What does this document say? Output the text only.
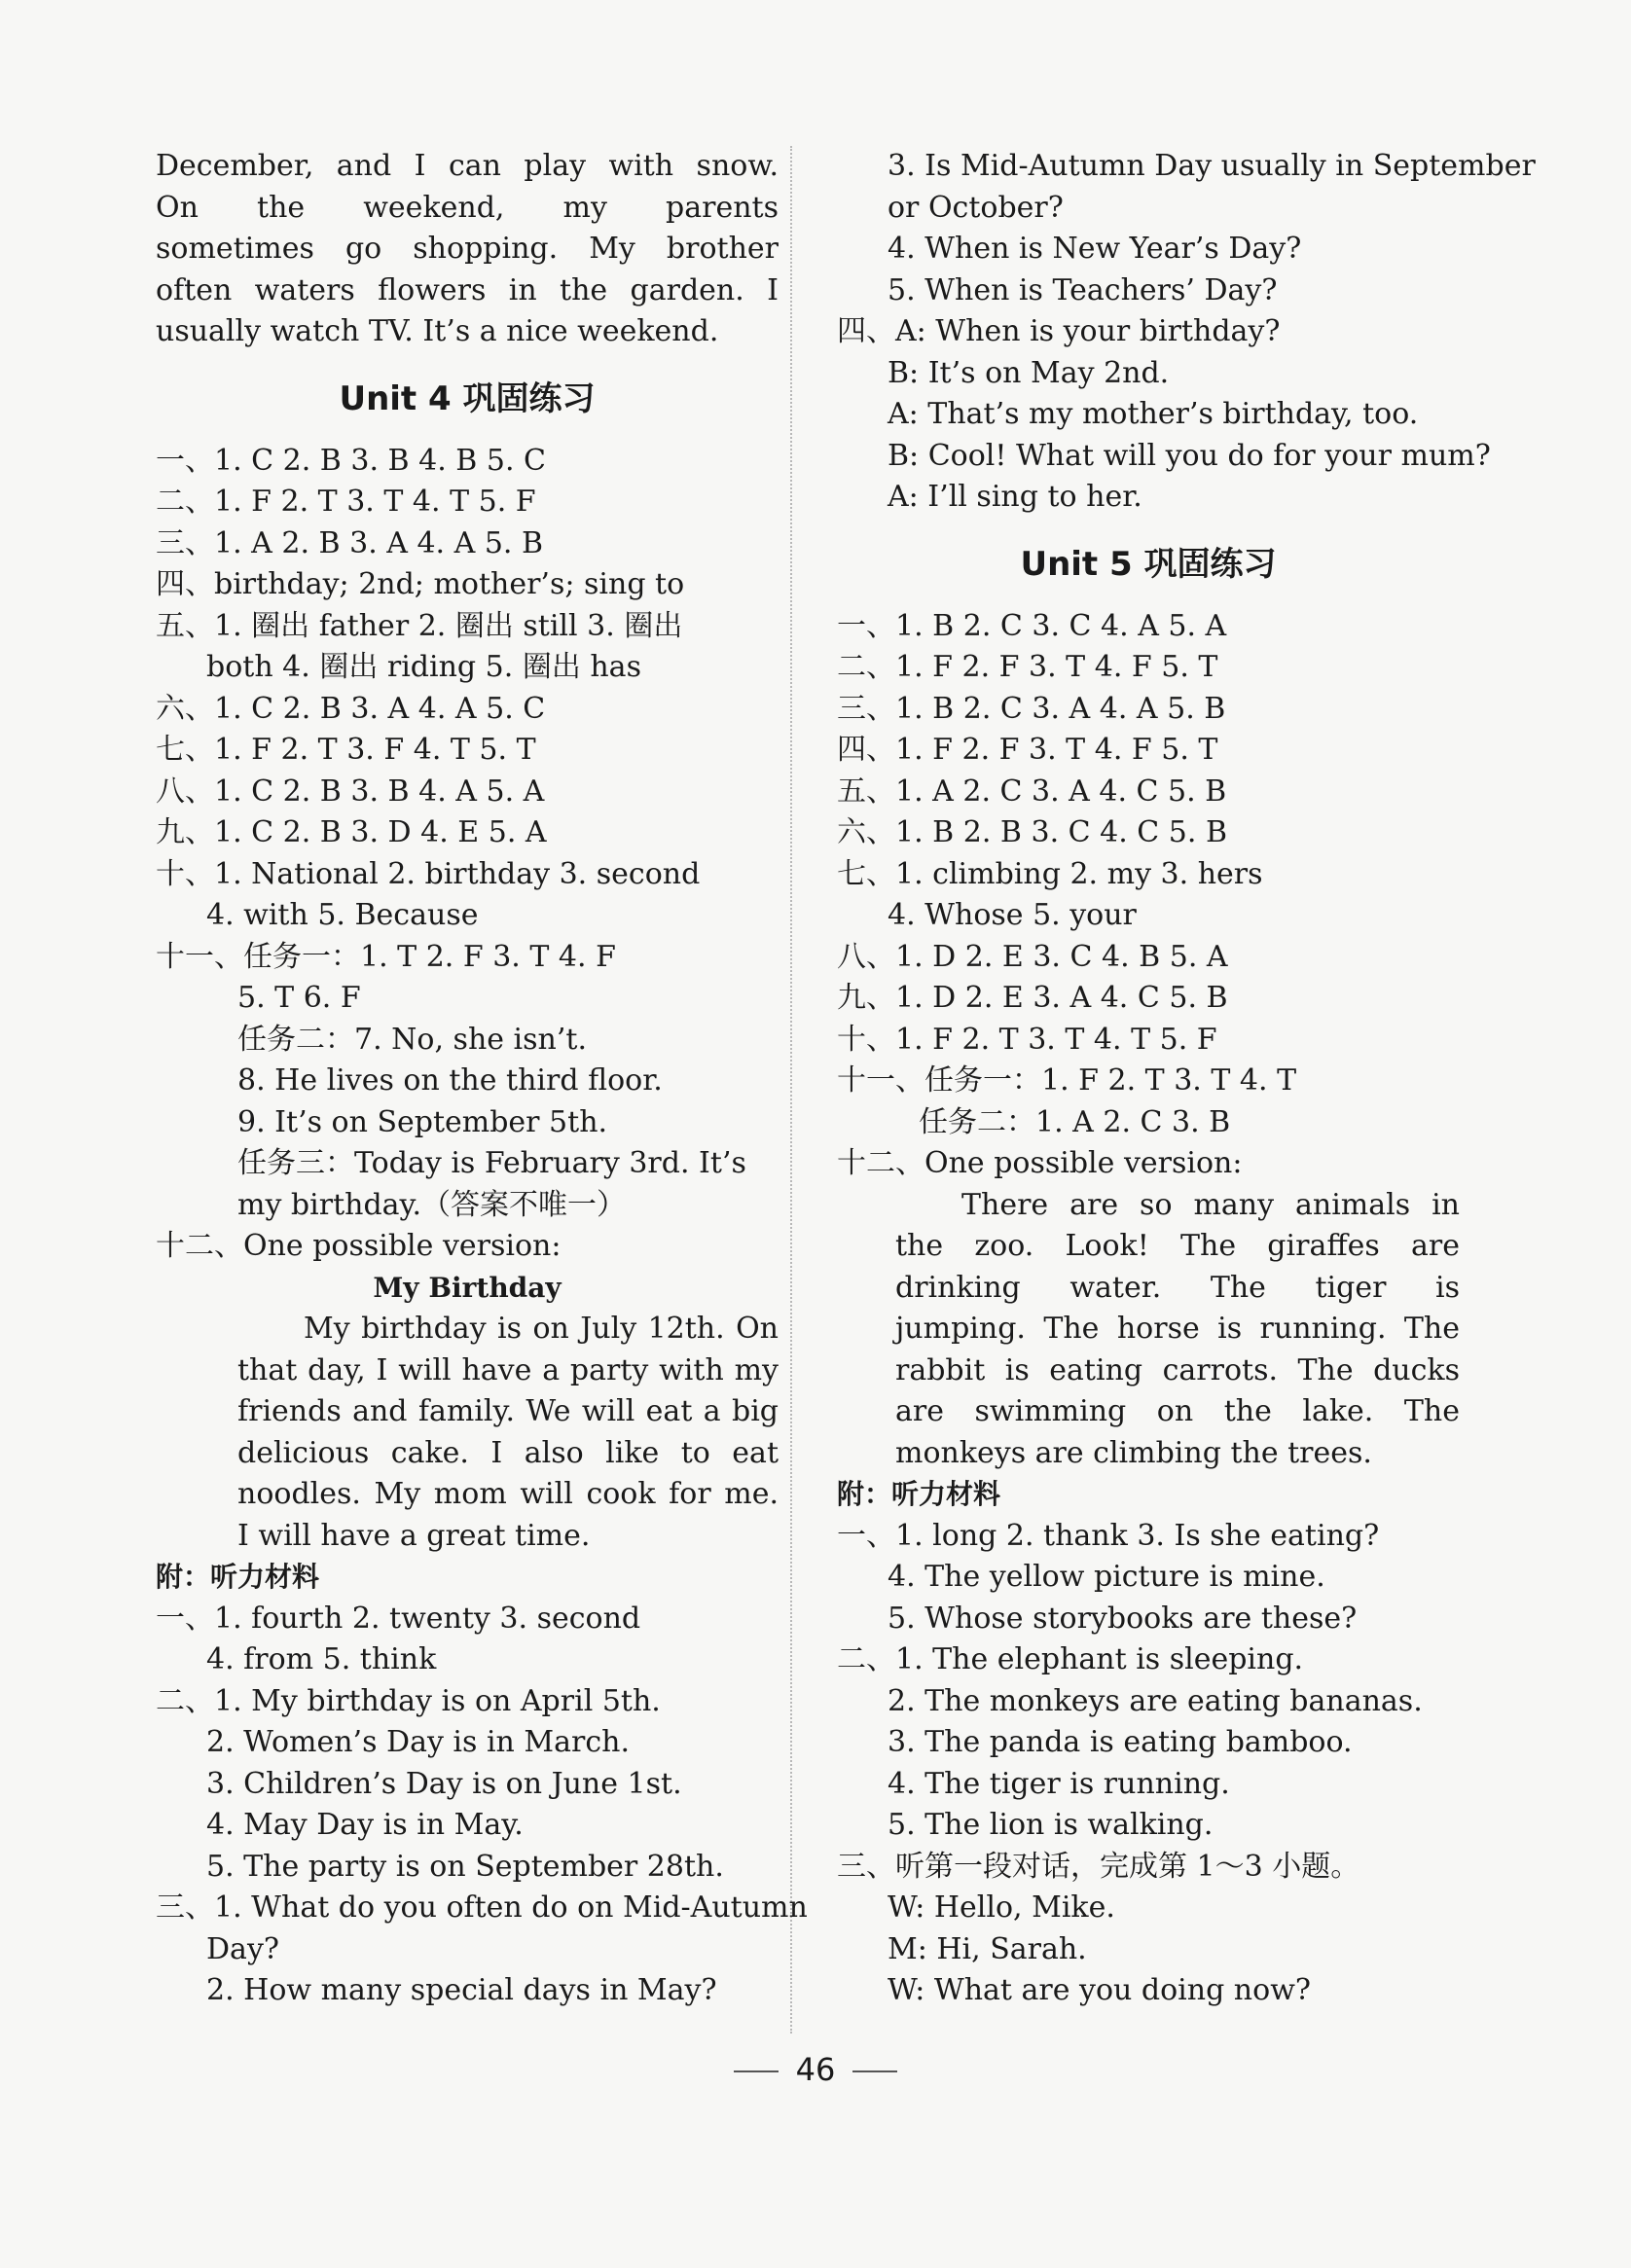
December, and I can play with snow.
On the weekend, my parents
sometimes go shopping. My brother
often waters flowers in the garden. I
usually watch TV. It’s a nice weekend.
Unit 4 巩固练习
一、1. C 2. B 3. B 4. B 5. C
二、1. F 2. T 3. T 4. T 5. F
三、1. A 2. B 3. A 4. A 5. B
四、birthday; 2nd; mother’s; sing to
五、1. 圈出 father 2. 圈出 still 3. 圈出
both 4. 圈出 riding 5. 圈出 has
六、1. C 2. B 3. A 4. A 5. C
七、1. F 2. T 3. F 4. T 5. T
八、1. C 2. B 3. B 4. A 5. A
九、1. C 2. B 3. D 4. E 5. A
十、1. National 2. birthday 3. second
4. with 5. Because
十一、任务一：1. T 2. F 3. T 4. F
5. T 6. F
任务二：7. No, she isn’t.
8. He lives on the third floor.
9. It’s on September 5th.
任务三：Today is February 3rd. It’s
my birthday.（答案不唯一）
十二、One possible version:
My Birthday
My birthday is on July 12th. On
that day, I will have a party with my
friends and family. We will eat a big
delicious cake. I also like to eat
noodles. My mom will cook for me.
I will have a great time.
附：听力材料
一、1. fourth 2. twenty 3. second
4. from 5. think
二、1. My birthday is on April 5th.
2. Women’s Day is in March.
3. Children’s Day is on June 1st.
4. May Day is in May.
5. The party is on September 28th.
三、1. What do you often do on Mid-Autumn
Day?
2. How many special days in May?
3. Is Mid-Autumn Day usually in September
or October?
4. When is New Year’s Day?
5. When is Teachers’ Day?
四、A: When is your birthday?
B: It’s on May 2nd.
A: That’s my mother’s birthday, too.
B: Cool! What will you do for your mum?
A: I’ll sing to her.
Unit 5 巩固练习
一、1. B 2. C 3. C 4. A 5. A
二、1. F 2. F 3. T 4. F 5. T
三、1. B 2. C 3. A 4. A 5. B
四、1. F 2. F 3. T 4. F 5. T
五、1. A 2. C 3. A 4. C 5. B
六、1. B 2. B 3. C 4. C 5. B
七、1. climbing 2. my 3. hers
4. Whose 5. your
八、1. D 2. E 3. C 4. B 5. A
九、1. D 2. E 3. A 4. C 5. B
十、1. F 2. T 3. T 4. T 5. F
十一、任务一：1. F 2. T 3. T 4. T
任务二：1. A 2. C 3. B
十二、One possible version:
There are so many animals in
the zoo. Look! The giraffes are
drinking water. The tiger is
jumping. The horse is running. The
rabbit is eating carrots. The ducks
are swimming on the lake. The
monkeys are climbing the trees.
附：听力材料
一、1. long 2. thank 3. Is she eating?
4. The yellow picture is mine.
5. Whose storybooks are these?
二、1. The elephant is sleeping.
2. The monkeys are eating bananas.
3. The panda is eating bamboo.
4. The tiger is running.
5. The lion is walking.
三、听第一段对话，完成第 1～3 小题。
W: Hello, Mike.
M: Hi, Sarah.
W: What are you doing now?
46
